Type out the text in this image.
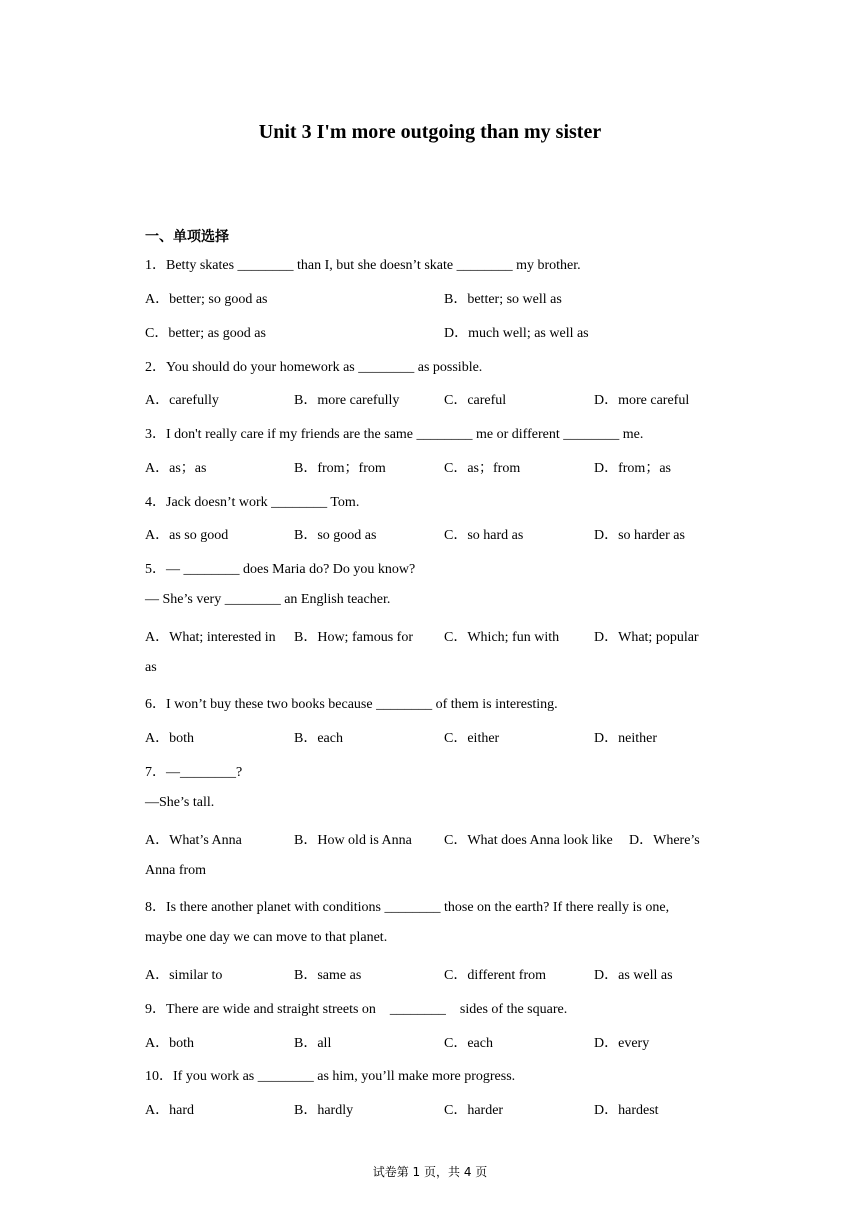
Unit 3 I'm more outgoing than my sister
一、单项选择
1．Betty skates ________ than I, but she doesn’t skate ________ my brother.
A．better; so good as	B．better; so well as
C．better; as good as	D．much well; as well as
2．You should do your homework as ________ as possible.
A．carefully	B．more carefully	C．careful	D．more careful
3．I don't really care if my friends are the same ________ me or different ________ me.
A．as；as	B．from；from	C．as；from	D．from；as
4．Jack doesn’t work ________ Tom.
A．as so good	B．so good as	C．so hard as	D．so harder as
5．— ________ does Maria do? Do you know?
— She’s very ________ an English teacher.
A．What; interested in B．How; famous for C．Which; fun with D．What; popular
as
6．I won’t buy these two books because ________ of them is interesting.
A．both	B．each	C．either	D．neither
7．—________?
—She’s tall.
A．What’s Anna	B．How old is Anna C．What does Anna look like D．Where’s
Anna from
8．Is there another planet with conditions ________ those on the earth? If there really is one,
maybe one day we can move to that planet.
A．similar to	B．same as	C．different from	D．as well as
9．There are wide and straight streets on    ________    sides of the square.
A．both	B．all	C．each	D．every
10．If you work as ________ as him, you’ll make more progress.
A．hard	B．hardly	C．harder	D．hardest
试卷第 1 页，共 4 页
